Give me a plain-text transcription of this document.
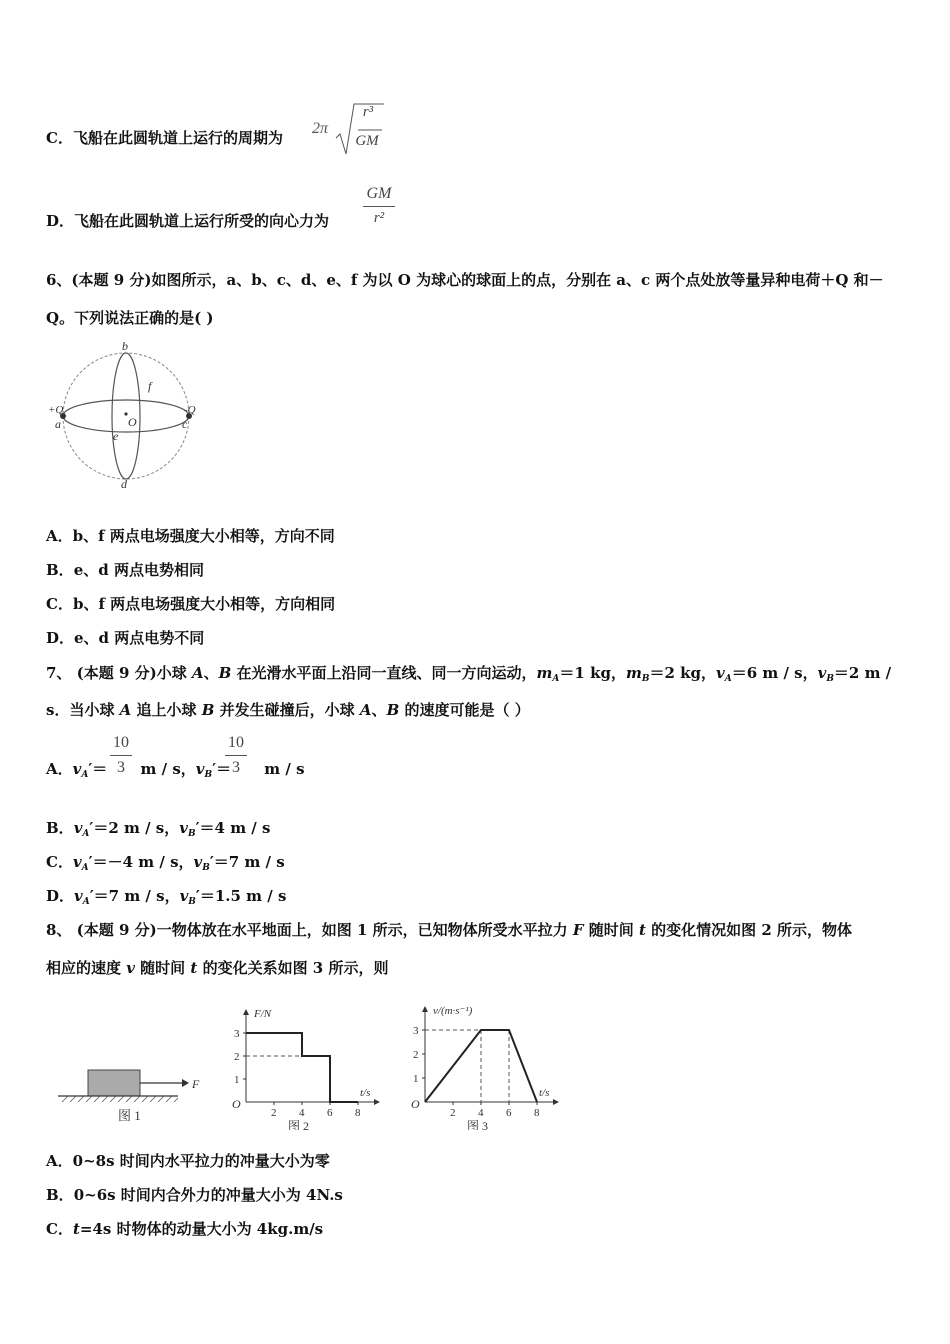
C．飞船在此圆轨道上运行的周期为
2π
r³
GM
D．飞船在此圆轨道上运行所受的向心力为
GM
r²
6、(本题 9 分)如图所示，a、b、c、d、e、f 为以 O 为球心的球面上的点，分别在 a、c 两个点处放等量异种电荷＋Q 和－
Q。下列说法正确的是( )
b
d
f
e
O
a	c
+Q	-Q
A．b、f 两点电场强度大小相等，方向不同
B．e、d 两点电势相同
C．b、f 两点电场强度大小相等，方向相同
D．e、d 两点电势不同
7、 (本题 9 分)小球 A、B 在光滑水平面上沿同一直线、同一方向运动，$m_A=1$ kg，$m_B=2$ kg，$v_A=6$ m / s，$v_B=2$ m /
s．当小球 A 追上小球 B 并发生碰撞后，小球 A、B 的速度可能是（ ）
A．$v_A'= m / s$，$v_B'= m / s$
10
3
10
3
B．$v_A'=2$ m / s，$v_B'=4$ m / s
C．$v_A'=-4$ m / s，$v_B'=7$ m / s
D．$v_A'=7$ m / s，$v_B'=1.5$ m / s
8、 (本题 9 分)一物体放在水平地面上，如图 1 所示，已知物体所受水平拉力 F 随时间 t 的变化情况如图 2 所示，物体
相应的速度 v 随时间 t 的变化关系如图 3 所示，则
F
图 1
3
2
1
2 4 6 8
O
F/N
t/s
图 2
3
2
1
2 4 6 8
O
v/(m·s⁻¹)
t/s
图 3
A．0~8s 时间内水平拉力的冲量大小为零
B．0~6s 时间内合外力的冲量大小为 4N.s
C．t=4s 时物体的动量大小为 4kg.m/s
